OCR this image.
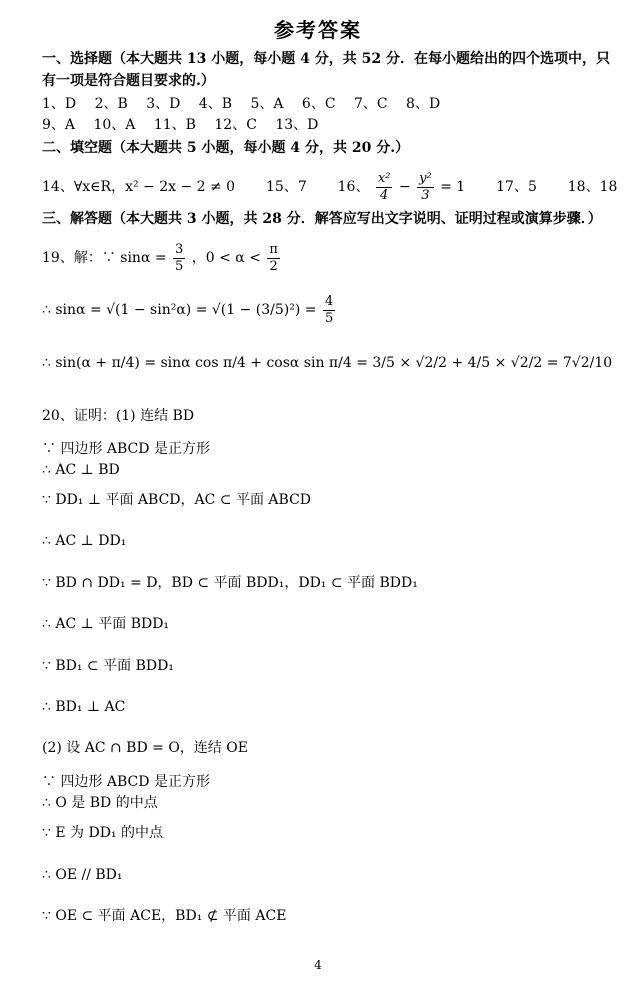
参考答案
一、选择题（本大题共 13 小题，每小题 4 分，共 52 分．在每小题给出的四个选项中，只
有一项是符合题目要求的.）
1、D　 2、B　 3、D　 4、B　 5、A　 6、C　 7、C　 8、D
9、A　 10、A　 11、B　 12、C　 13、D
二、填空题（本大题共 5 小题，每小题 4 分，共 20 分.）
14、∀x∈R，x² − 2x − 2 ≠ 0 15、7 16、 $\frac{\text{x²}}{4} - \frac{\text{y²}}{3} = 1$ 17、5 18、18
三、解答题（本大题共 3 小题，共 28 分．解答应写出文字说明、证明过程或演算步骤．）
19、解：∵ $\sin\alpha = \frac{3}{5}$ ，$0 < \alpha < \frac{\pi}{2}$
∴ $\sin\alpha = √(1 - \sin^2\alpha) = √(1 - (3/5)^2) = \frac{4}{5}$
∴ sin(α + π/4) = sinα cos π/4 + cosα sin π/4 = 3/5 × √2/2 + 4/5 × √2/2 = 7√2/10
20、证明：(1) 连结 BD
∵ 四边形 ABCD 是正方形
∴ AC ⊥ BD
∵ DD₁ ⊥ 平面 ABCD，AC ⊂ 平面 ABCD
∴ AC ⊥ DD₁
∵ BD ∩ DD₁ = D，BD ⊂ 平面 BDD₁，DD₁ ⊂ 平面 BDD₁
∴ AC ⊥ 平面 BDD₁
∵ BD₁ ⊂ 平面 BDD₁
∴ BD₁ ⊥ AC
(2) 设 AC ∩ BD = O，连结 OE
∵ 四边形 ABCD 是正方形
∴ O 是 BD 的中点
∵ E 为 DD₁ 的中点
∴ OE // BD₁
∵ OE ⊂ 平面 ACE，BD₁ ⊄ 平面 ACE
4
